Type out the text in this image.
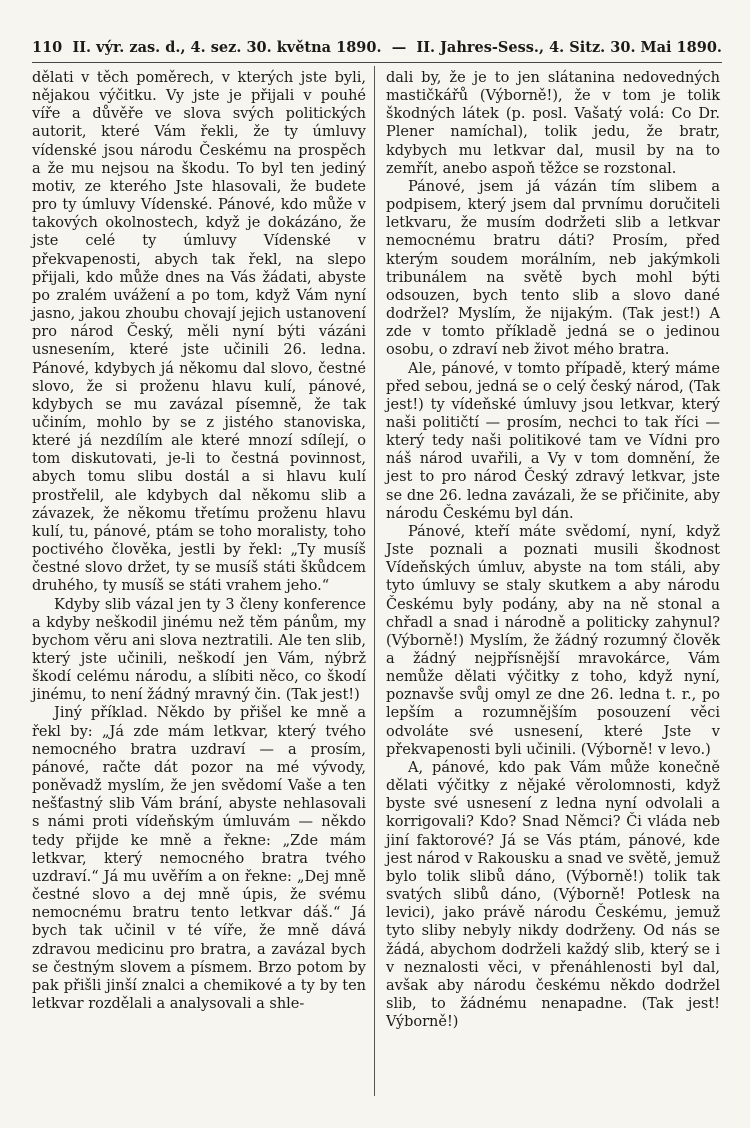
110 II. výr. zas. d., 4. sez. 30. května 1890. — II. Jahres-Sess., 4. Sitz. 30. Mai 1890.

dělati v těch poměrech, v kterých jste byli, nějakou výčitku. Vy jste je přijali v pouhé víře a důvěře ve slova svých politických autorit, které Vám řekli, že ty úmluvy vídenské jsou národu Českému na prospěch a že mu nejsou na škodu. To byl ten jediný motiv, ze kterého Jste hlasovali, že budete pro ty úmluvy Vídenské. Pánové, kdo může v takových okolnostech, když je dokázáno, že jste celé ty úmluvy Vídenské v překvapenosti, abych tak řekl, na slepo přijali, kdo může dnes na Vás žádati, abyste po zralém uvážení a po tom, když Vám nyní jasno, jakou zhoubu chovají jejich ustanovení pro národ Český, měli nyní býti vázáni usnesením, které jste učinili 26. ledna. Pánové, kdybych já někomu dal slovo, čestné slovo, že si proženu hlavu kulí, pánové, kdybych se mu zavázal písemně, že tak učiním, mohlo by se z jistého stanoviska, které já nezdílím ale které mnozí sdílejí, o tom diskutovati, je-li to čestná povinnost, abych tomu slibu dostál a si hlavu kulí prostřelil, ale kdybych dal někomu slib a závazek, že někomu třetímu proženu hlavu kulí, tu, pánové, ptám se toho moralisty, toho poctivého člověka, jestli by řekl: „Ty musíš čestné slovo držet, ty se musíš státi škůdcem druhého, ty musíš se státi vrahem jeho.“

Kdyby slib vázal jen ty 3 členy konference a kdyby neškodil jinému než těm pánům, my bychom věru ani slova neztratili. Ale ten slib, který jste učinili, neškodí jen Vám, nýbrž škodí celému národu, a slíbiti něco, co škodí jinému, to není žádný mravný čin. (Tak jest!)

Jiný příklad. Někdo by přišel ke mně a řekl by: „Já zde mám letkvar, který tvého nemocného bratra uzdraví — a prosím, pánové, račte dát pozor na mé vývody, poněvadž myslím, že jen svědomí Vaše a ten nešťastný slib Vám brání, abyste nehlasovali s námi proti vídeňským úmluvám — někdo tedy přijde ke mně a řekne: „Zde mám letkvar, který nemocného bratra tvého uzdraví.“ Já mu uvěřím a on řekne: „Dej mně čestné slovo a dej mně úpis, že svému nemocnému bratru tento letkvar dáš.“ Já bych tak učinil v té víře, že mně dává zdravou medicinu pro bratra, a zavázal bych se čestným slovem a písmem. Brzo potom by pak přišli jinší znalci a chemikové a ty by ten letkvar rozdělali a analysovali a shle-

dali by, že je to jen slátanina nedovedných mastičkářů (Výborně!), že v tom je tolik škodných látek (p. posl. Vašatý volá: Co Dr. Plener namíchal), tolik jedu, že bratr, kdybych mu letkvar dal, musil by na to zemřít, anebo aspoň těžce se rozstonal.

Pánové, jsem já vázán tím slibem a podpisem, který jsem dal prvnímu doručiteli letkvaru, že musím dodržeti slib a letkvar nemocnému bratru dáti? Prosím, před kterým soudem morálním, neb jakýmkoli tribunálem na světě bych mohl býti odsouzen, bych tento slib a slovo dané dodržel? Myslím, že nijakým. (Tak jest!) A zde v tomto příkladě jedná se o jedinou osobu, o zdraví neb život mého bratra.

Ale, pánové, v tomto případě, který máme před sebou, jedná se o celý český národ, (Tak jest!) ty vídeňské úmluvy jsou letkvar, který naši političtí — prosím, nechci to tak říci — který tedy naši politikové tam ve Vídni pro náš národ uvařili, a Vy v tom domnění, že jest to pro národ Český zdravý letkvar, jste se dne 26. ledna zavázali, že se přičinite, aby národu Českému byl dán.

Pánové, kteří máte svědomí, nyní, když Jste poznali a poznati musili škodnost Vídeňských úmluv, abyste na tom stáli, aby tyto úmluvy se staly skutkem a aby národu Českému byly podány, aby na ně stonal a chřadl a snad i národně a politicky zahynul? (Výborně!) Myslím, že žádný rozumný člověk a žádný nejpřísnější mravokárce, Vám nemůže dělati výčitky z toho, když nyní, poznavše svůj omyl ze dne 26. ledna t. r., po lepším a rozumnějším posouzení věci odvoláte své usnesení, které Jste v překvapenosti byli učinili. (Výborně! v levo.)

A, pánové, kdo pak Vám může konečně dělati výčitky z nějaké věrolomnosti, když byste své usnesení z ledna nyní odvolali a korrigovali? Kdo? Snad Němci? Či vláda neb jiní faktorové? Já se Vás ptám, pánové, kde jest národ v Rakousku a snad ve světě, jemuž bylo tolik slibů dáno, (Výborně!) tolik tak svatých slibů dáno, (Výborně! Potlesk na levici), jako právě národu Českému, jemuž tyto sliby nebyly nikdy dodrženy. Od nás se žádá, abychom dodrželi každý slib, který se i v neznalosti věci, v přenáhlenosti byl dal, avšak aby národu českému někdo dodržel slib, to žádnému nenapadne. (Tak jest! Výborně!)
